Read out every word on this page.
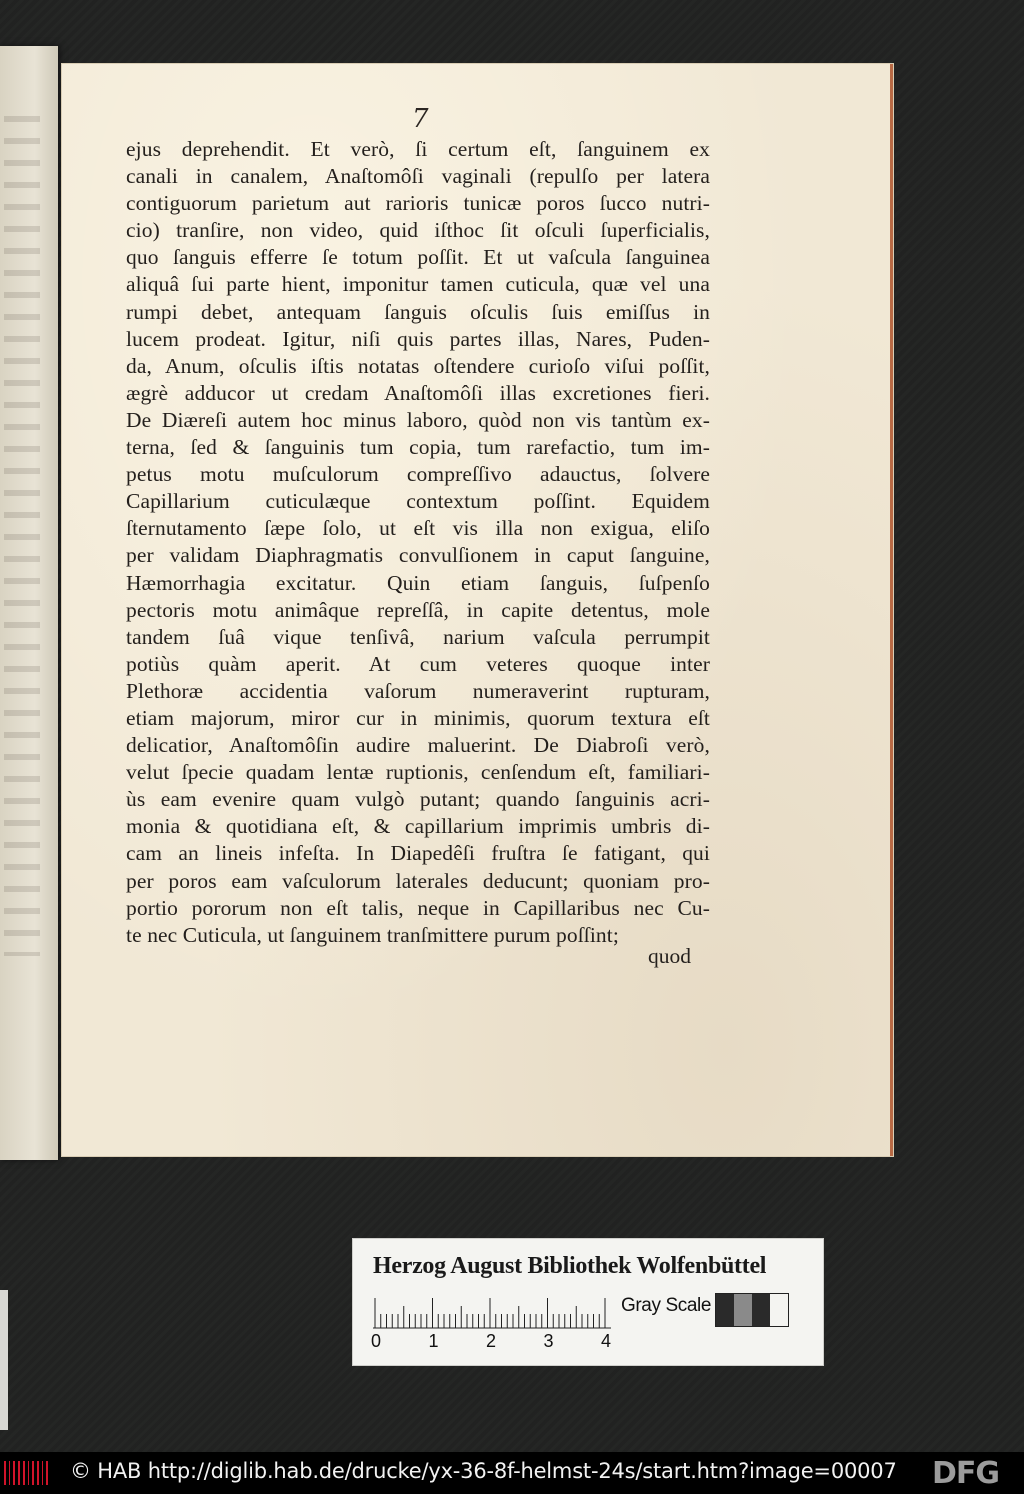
7
ejus deprehendit. Et verò, ſi certum eſt, ſanguinem ex
canali in canalem, Anaſtomôſi vaginali (repulſo per latera
contiguorum parietum aut rarioris tunicæ poros ſucco nutri-
cio) tranſire, non video, quid iſthoc ſit oſculi ſuperficialis,
quo ſanguis efferre ſe totum poſſit. Et ut vaſcula ſanguinea
aliquâ ſui parte hient, imponitur tamen cuticula, quæ vel una
rumpi debet, antequam ſanguis oſculis ſuis emiſſus in
lucem prodeat. Igitur, niſi quis partes illas, Nares, Puden-
da, Anum, oſculis iſtis notatas oſtendere curioſo viſui poſſit,
ægrè adducor ut credam Anaſtomôſi illas excretiones fieri.
De Diæreſi autem hoc minus laboro, quòd non vis tantùm ex-
terna, ſed & ſanguinis tum copia, tum rarefactio, tum im-
petus motu muſculorum compreſſivo adauctus, ſolvere
Capillarium cuticulæque contextum poſſint. Equidem
ſternutamento ſæpe ſolo, ut eſt vis illa non exigua, eliſo
per validam Diaphragmatis convulſionem in caput ſanguine,
Hæmorrhagia excitatur. Quin etiam ſanguis, ſuſpenſo
pectoris motu animâque repreſſâ, in capite detentus, mole
tandem ſuâ vique tenſivâ, narium vaſcula perrumpit
potiùs quàm aperit. At cum veteres quoque inter
Plethoræ accidentia vaſorum numeraverint rupturam,
etiam majorum, miror cur in minimis, quorum textura eſt
delicatior, Anaſtomôſin audire maluerint. De Diabroſi verò,
velut ſpecie quadam lentæ ruptionis, cenſendum eſt, familiari-
ùs eam evenire quam vulgò putant; quando ſanguinis acri-
monia & quotidiana eſt, & capillarium imprimis umbris di-
cam an lineis infeſta. In Diapedêſi fruſtra ſe fatigant, qui
per poros eam vaſculorum laterales deducunt; quoniam pro-
portio pororum non eſt talis, neque in Capillaribus nec Cu-
te nec Cuticula, ut ſanguinem tranſmittere purum poſſint;
quod
Herzog August Bibliothek Wolfenbüttel
0	1	2	3	4
Gray Scale
© HAB http://diglib.hab.de/drucke/yx-36-8f-helmst-24s/start.htm?image=00007 DFG
